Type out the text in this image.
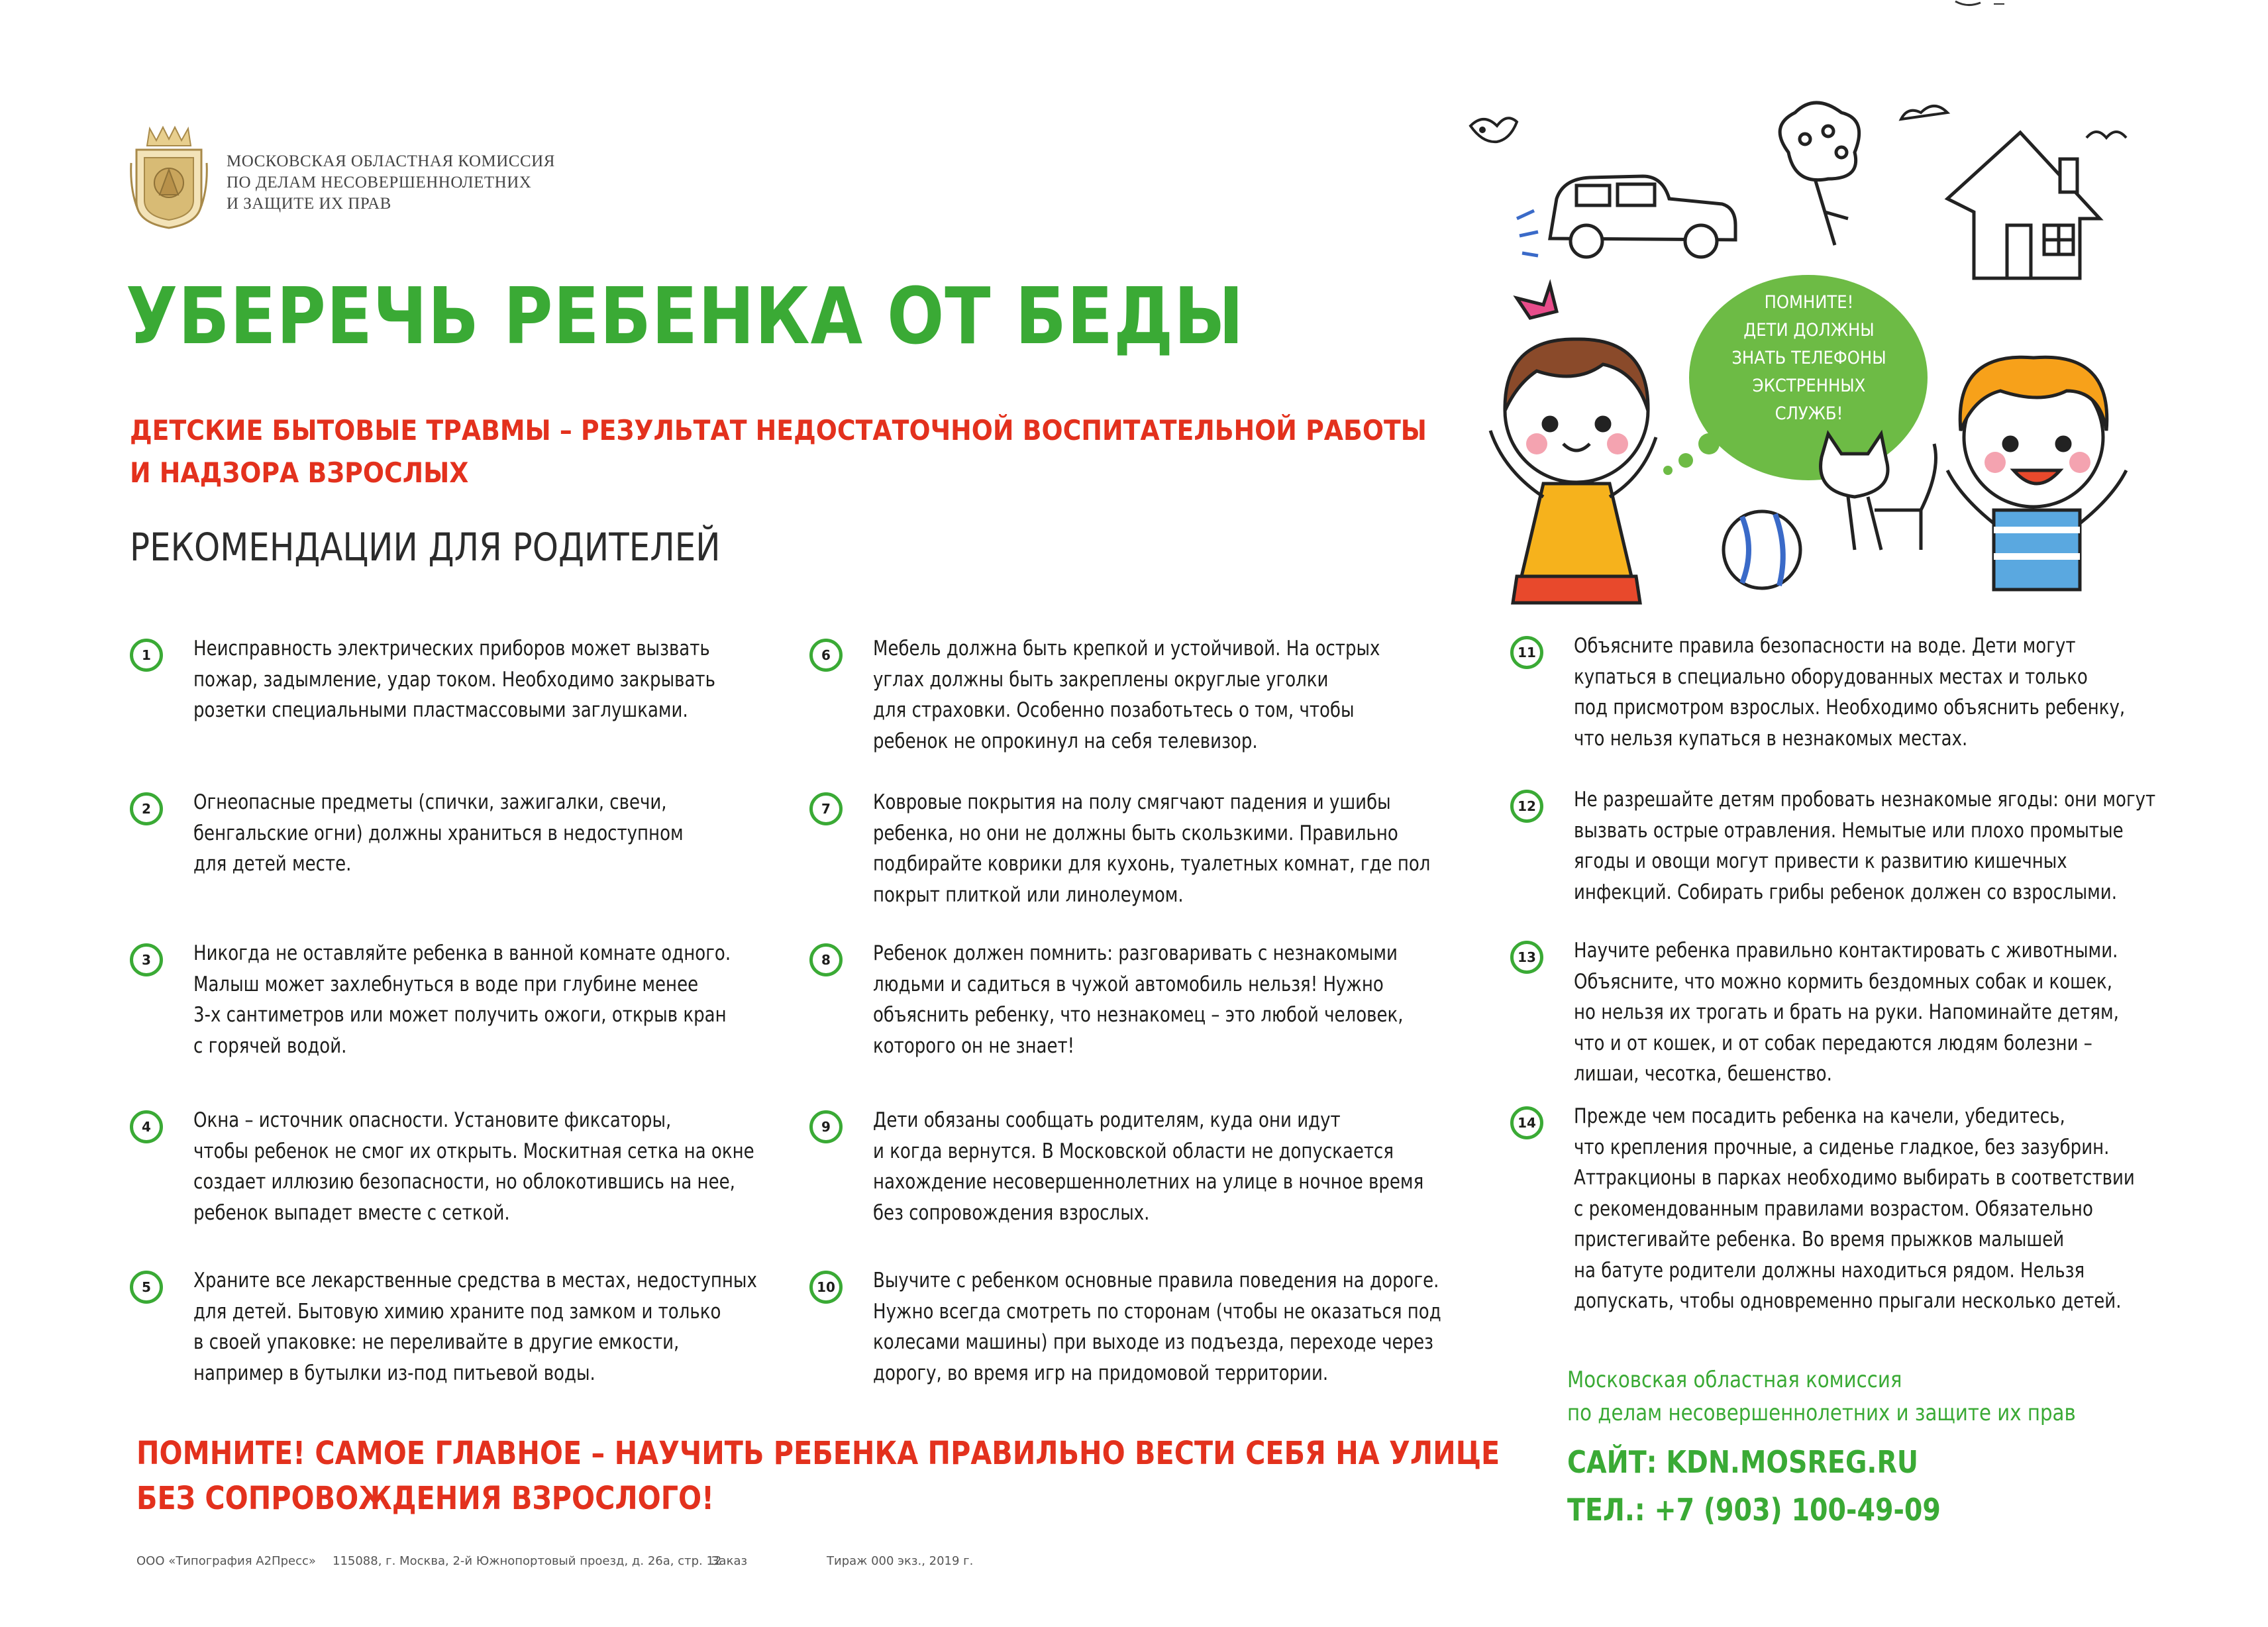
МОСКОВСКАЯ ОБЛАСТНАЯ КОМИССИЯ
ПО ДЕЛАМ НЕСОВЕРШЕННОЛЕТНИХ
И ЗАЩИТЕ ИХ ПРАВ
УБЕРЕЧЬ РЕБЕНКА ОТ БЕДЫ
ДЕТСКИЕ БЫТОВЫЕ ТРАВМЫ – РЕЗУЛЬТАТ НЕДОСТАТОЧНОЙ ВОСПИТАТЕЛЬНОЙ РАБОТЫ
И НАДЗОРА ВЗРОСЛЫХ
РЕКОМЕНДАЦИИ ДЛЯ РОДИТЕЛЕЙ
ПОМНИТЕ!
ДЕТИ ДОЛЖНЫ
ЗНАТЬ ТЕЛЕФОНЫ
ЭКСТРЕННЫХ
СЛУЖБ!
1	Неисправность электрических приборов может вызвать
пожар, задымление, удар током. Необходимо закрывать
розетки специальными пластмассовыми заглушками.
2	Огнеопасные предметы (спички, зажигалки, свечи,
бенгальские огни) должны храниться в недоступном
для детей месте.
3	Никогда не оставляйте ребенка в ванной комнате одного.
Малыш может захлебнуться в воде при глубине менее
3-х сантиметров или может получить ожоги, открыв кран
с горячей водой.
4	Окна – источник опасности. Установите фиксаторы,
чтобы ребенок не смог их открыть. Москитная сетка на окне
создает иллюзию безопасности, но облокотившись на нее,
ребенок выпадет вместе с сеткой.
5	Храните все лекарственные средства в местах, недоступных
для детей. Бытовую химию храните под замком и только
в своей упаковке: не переливайте в другие емкости,
например в бутылки из-под питьевой воды.
6	Мебель должна быть крепкой и устойчивой. На острых
углах должны быть закреплены округлые уголки
для страховки. Особенно позаботьтесь о том, чтобы
ребенок не опрокинул на себя телевизор.
7	Ковровые покрытия на полу смягчают падения и ушибы
ребенка, но они не должны быть скользкими. Правильно
подбирайте коврики для кухонь, туалетных комнат, где пол
покрыт плиткой или линолеумом.
8	Ребенок должен помнить: разговаривать с незнакомыми
людьми и садиться в чужой автомобиль нельзя! Нужно
объяснить ребенку, что незнакомец – это любой человек,
которого он не знает!
9	Дети обязаны сообщать родителям, куда они идут
и когда вернутся. В Московской области не допускается
нахождение несовершеннолетних на улице в ночное время
без сопровождения взрослых.
10	Выучите с ребенком основные правила поведения на дороге.
Нужно всегда смотреть по сторонам (чтобы не оказаться под
колесами машины) при выходе из подъезда, переходе через
дорогу, во время игр на придомовой территории.
11	Объясните правила безопасности на воде. Дети могут
купаться в специально оборудованных местах и только
под присмотром взрослых. Необходимо объяснить ребенку,
что нельзя купаться в незнакомых местах.
12	Не разрешайте детям пробовать незнакомые ягоды: они могут
вызвать острые отравления. Немытые или плохо промытые
ягоды и овощи могут привести к развитию кишечных
инфекций. Собирать грибы ребенок должен со взрослыми.
13	Научите ребенка правильно контактировать с животными.
Объясните, что можно кормить бездомных собак и кошек,
но нельзя их трогать и брать на руки. Напоминайте детям,
что и от кошек, и от собак передаются людям болезни –
лишаи, чесотка, бешенство.
14	Прежде чем посадить ребенка на качели, убедитесь,
что крепления прочные, а сиденье гладкое, без зазубрин.
Аттракционы в парках необходимо выбирать в соответствии
с рекомендованным правилами возрастом. Обязательно
пристегивайте ребенка. Во время прыжков малышей
на батуте родители должны находиться рядом. Нельзя
допускать, чтобы одновременно прыгали несколько детей.
ПОМНИТЕ! САМОЕ ГЛАВНОЕ – НАУЧИТЬ РЕБЕНКА ПРАВИЛЬНО ВЕСТИ СЕБЯ НА УЛИЦЕ
БЕЗ СОПРОВОЖДЕНИЯ ВЗРОСЛОГО!
Московская областная комиссия
по делам несовершеннолетних и защите их прав
САЙТ: KDN.MOSREG.RU
ТЕЛ.: +7 (903) 100-49-09
ООО «Типография А2Пресс» 115088, г. Москва, 2-й Южнопортовый проезд, д. 26а, стр. 12
Заказ	Тираж 000 экз., 2019 г.
